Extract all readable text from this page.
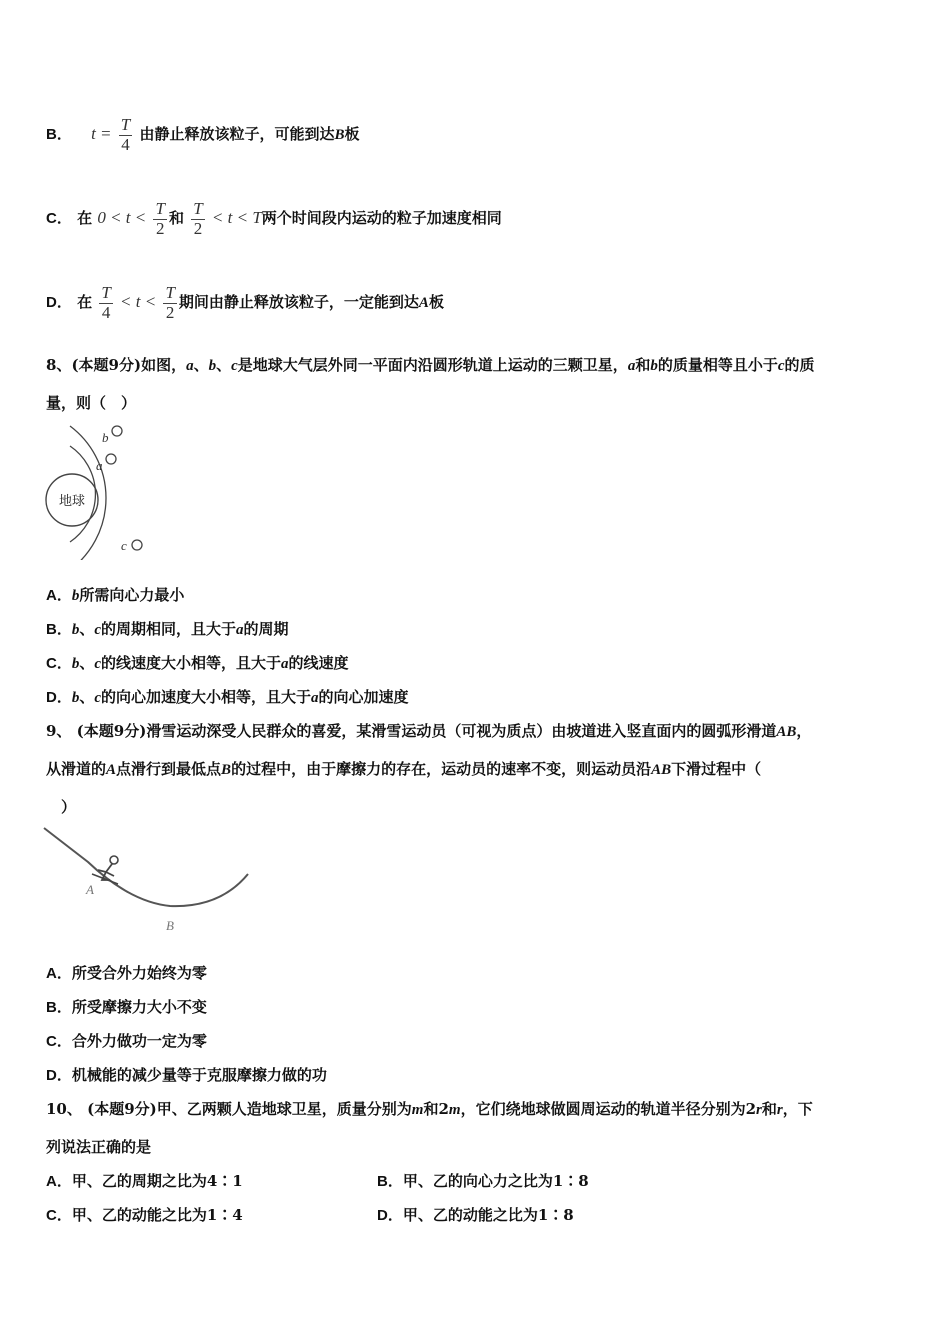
B． $t = \frac{T}{4}$ 由静止释放该粒子，可能到达B板
C． 在 $0 < t < \frac{T}{2}$ 和 $\frac{T}{2} < t < T$两个时间段内运动的粒子加速度相同
D． 在 $\frac{T}{4} < t < \frac{T}{2}$ 期间由静止释放该粒子，一定能到达A板
8、(本题9分)如图，a、b、c是地球大气层外同一平面内沿圆形轨道上运动的三颗卫星，a和b的质量相等且小于c的质
量，则（　）
地球
b
a
c
A．b所需向心力最小
B．b、c的周期相同，且大于a的周期
C．b、c的线速度大小相等，且大于a的线速度
D．b、c的向心加速度大小相等，且大于a的向心加速度
9、 (本题9分)滑雪运动深受人民群众的喜爱，某滑雪运动员（可视为质点）由坡道进入竖直面内的圆弧形滑道AB，
从滑道的A点滑行到最低点B的过程中，由于摩擦力的存在，运动员的速率不变，则运动员沿AB下滑过程中（
　）
A
B
A．所受合外力始终为零
B．所受摩擦力大小不变
C．合外力做功一定为零
D．机械能的减少量等于克服摩擦力做的功
10、 (本题9分)甲、乙两颗人造地球卫星，质量分别为m和2m，它们绕地球做圆周运动的轨道半径分别为2r和r，下
列说法正确的是
A．甲、乙的周期之比为4∶1	B．甲、乙的向心力之比为1∶8
C．甲、乙的动能之比为1∶4	D．甲、乙的动能之比为1∶8
